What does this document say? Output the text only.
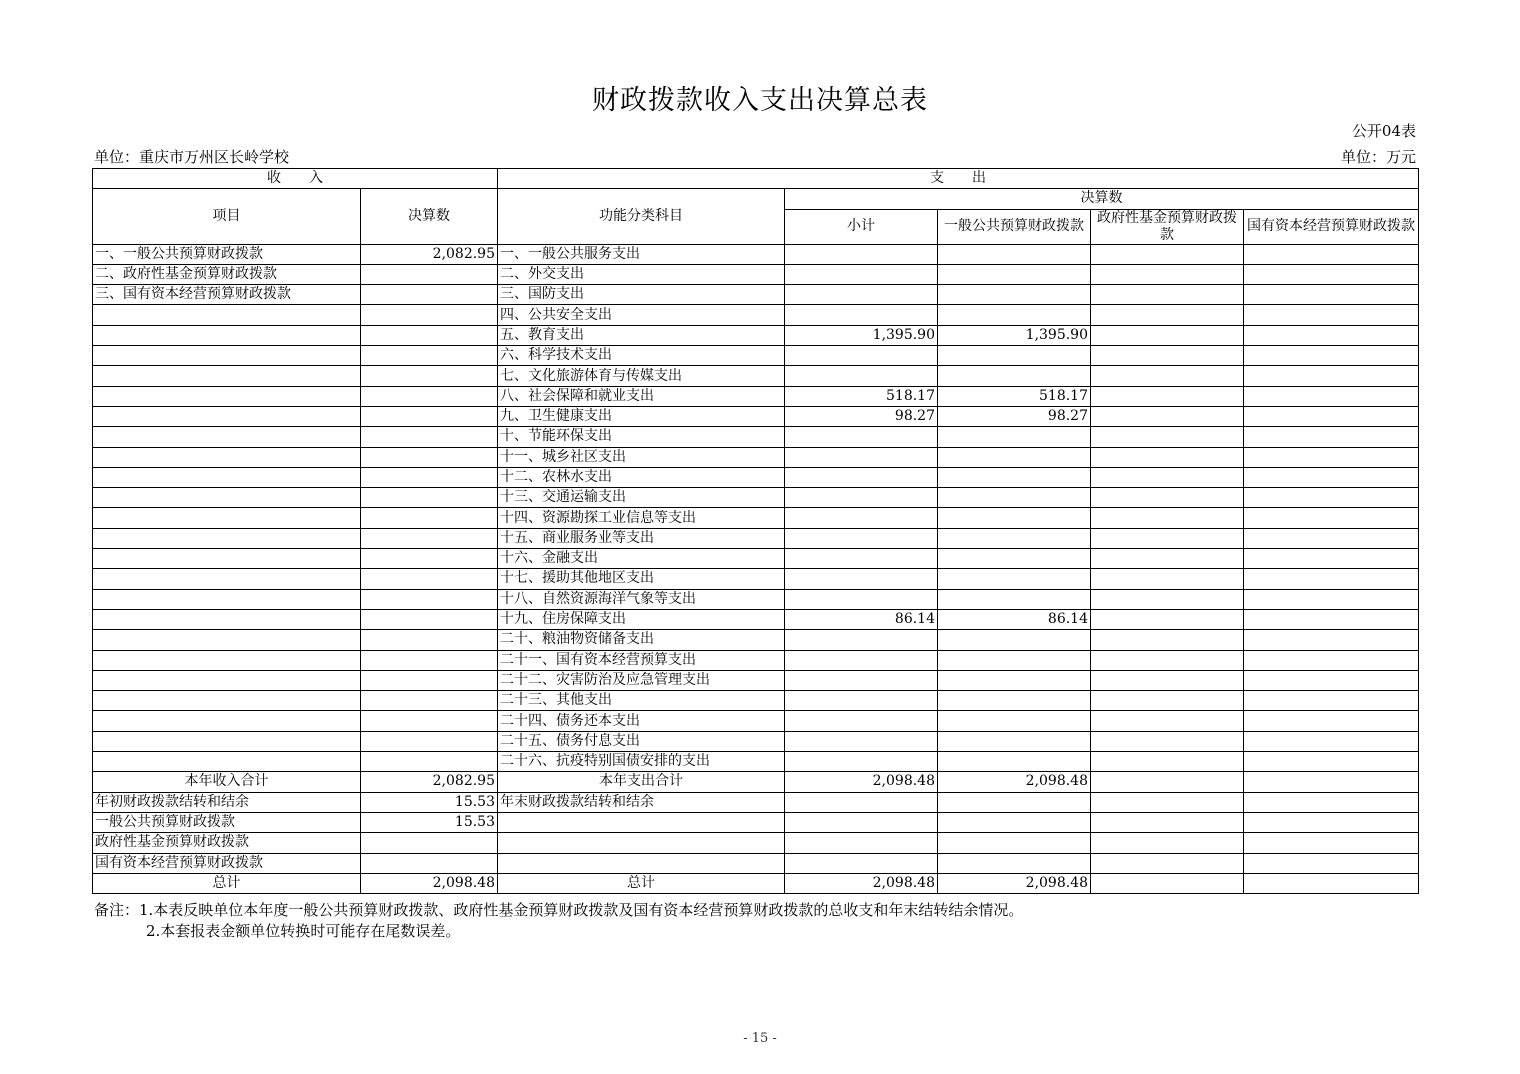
财政拨款收入支出决算总表
公开04表
单位：重庆市万州区长岭学校	单位：万元
收　　入		支　　出				
项目	决算数	功能分类科目	决算数			
			小计	一般公共预算财政拨款	政府性基金预算财政拨款	国有资本经营预算财政拨款

一、一般公共预算财政拨款	2,082.95	一、一般公共服务支出				
二、政府性基金预算财政拨款		二、外交支出				
三、国有资本经营预算财政拨款		三、国防支出				
		四、公共安全支出				
		五、教育支出	1,395.90	1,395.90		
		六、科学技术支出				
		七、文化旅游体育与传媒支出				
		八、社会保障和就业支出	518.17	518.17		
		九、卫生健康支出	98.27	98.27		
		十、节能环保支出				
		十一、城乡社区支出				
		十二、农林水支出				
		十三、交通运输支出				
		十四、资源勘探工业信息等支出				
		十五、商业服务业等支出				
		十六、金融支出				
		十七、援助其他地区支出				
		十八、自然资源海洋气象等支出				
		十九、住房保障支出	86.14	86.14		
		二十、粮油物资储备支出				
		二十一、国有资本经营预算支出				
		二十二、灾害防治及应急管理支出				
		二十三、其他支出				
		二十四、债务还本支出				
		二十五、债务付息支出				
		二十六、抗疫特别国债安排的支出				
本年收入合计	2,082.95	本年支出合计	2,098.48	2,098.48		
年初财政拨款结转和结余	15.53	年末财政拨款结转和结余				
一般公共预算财政拨款	15.53					
政府性基金预算财政拨款						
国有资本经营预算财政拨款						
总计	2,098.48	总计	2,098.48	2,098.48		
备注：1.本表反映单位本年度一般公共预算财政拨款、政府性基金预算财政拨款及国有资本经营预算财政拨款的总收支和年末结转结余情况。
2.本套报表金额单位转换时可能存在尾数误差。
- 15 -
